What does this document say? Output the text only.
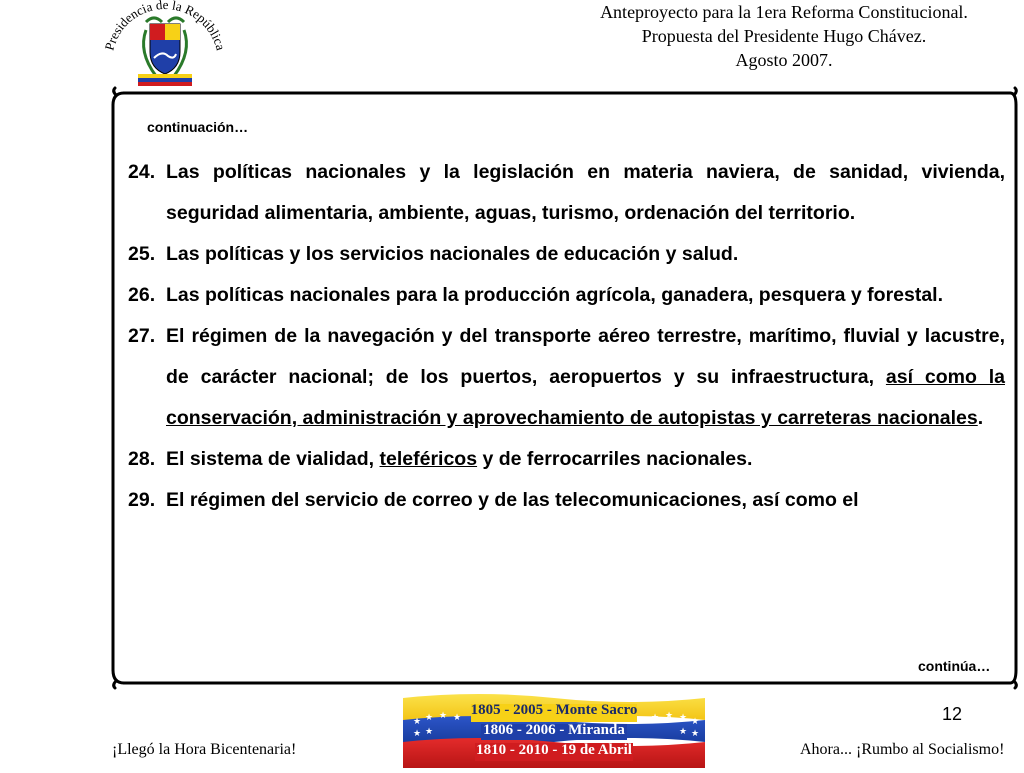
Presidencia de la República
Anteproyecto para la 1era Reforma Constitucional.
Propuesta del Presidente Hugo Chávez.
Agosto 2007.
continuación…
24. Las políticas nacionales y la legislación en materia naviera, de sanidad, vivienda, seguridad alimentaria, ambiente, aguas, turismo, ordenación del territorio.
25. Las políticas y los servicios nacionales de educación y salud.
26. Las políticas nacionales para la producción agrícola, ganadera, pesquera y forestal.
27. El régimen de la navegación y del transporte aéreo terrestre, marítimo, fluvial y lacustre, de carácter nacional; de los puertos, aeropuertos y su infraestructura, así como la conservación, administración y aprovechamiento de autopistas y carreteras nacionales.
28. El sistema de vialidad, teleféricos y de ferrocarriles nacionales.
29. El régimen del servicio de correo y de las telecomunicaciones, así como el
continúa…
★ ★ ★ ★
★ ★
★ ★ ★ ★
★ ★
1805 - 2005 - Monte Sacro
1806 - 2006 - Miranda
1810 - 2010 - 19 de Abril
12
¡Llegó la Hora Bicentenaria!	Ahora... ¡Rumbo al Socialismo!
